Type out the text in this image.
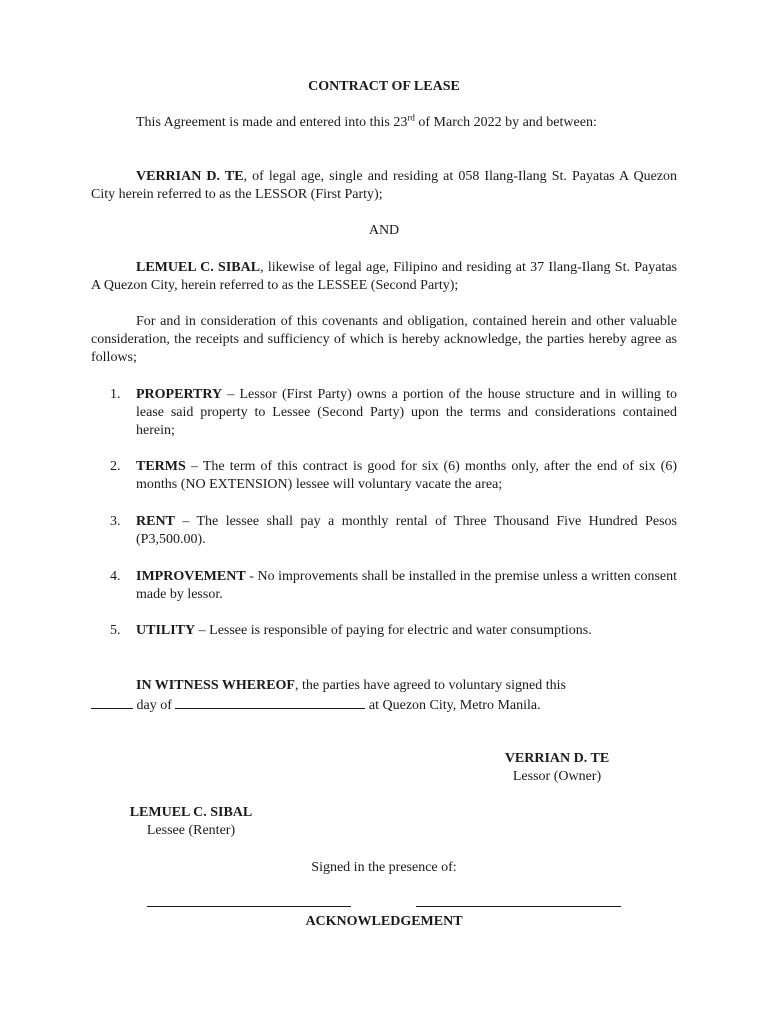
CONTRACT OF LEASE
This Agreement is made and entered into this 23rd of March 2022 by and between:
VERRIAN D. TE, of legal age, single and residing at 058 Ilang-Ilang St. Payatas A Quezon City herein referred to as the LESSOR (First Party);
AND
LEMUEL C. SIBAL, likewise of legal age, Filipino and residing at 37 Ilang-Ilang St. Payatas A Quezon City, herein referred to as the LESSEE (Second Party);
For and in consideration of this covenants and obligation, contained herein and other valuable consideration, the receipts and sufficiency of which is hereby acknowledge, the parties hereby agree as follows;
1. PROPERTRY – Lessor (First Party) owns a portion of the house structure and in willing to lease said property to Lessee (Second Party) upon the terms and considerations contained herein;
2. TERMS – The term of this contract is good for six (6) months only, after the end of six (6) months (NO EXTENSION) lessee will voluntary vacate the area;
3. RENT – The lessee shall pay a monthly rental of Three Thousand Five Hundred Pesos (P3,500.00).
4. IMPROVEMENT - No improvements shall be installed in the premise unless a written consent made by lessor.
5. UTILITY – Lessee is responsible of paying for electric and water consumptions.
IN WITNESS WHEREOF, the parties have agreed to voluntary signed this
day of	at Quezon City, Metro Manila.
VERRIAN D. TE
Lessor (Owner)
LEMUEL C. SIBAL
Lessee (Renter)
Signed in the presence of:
ACKNOWLEDGEMENT
